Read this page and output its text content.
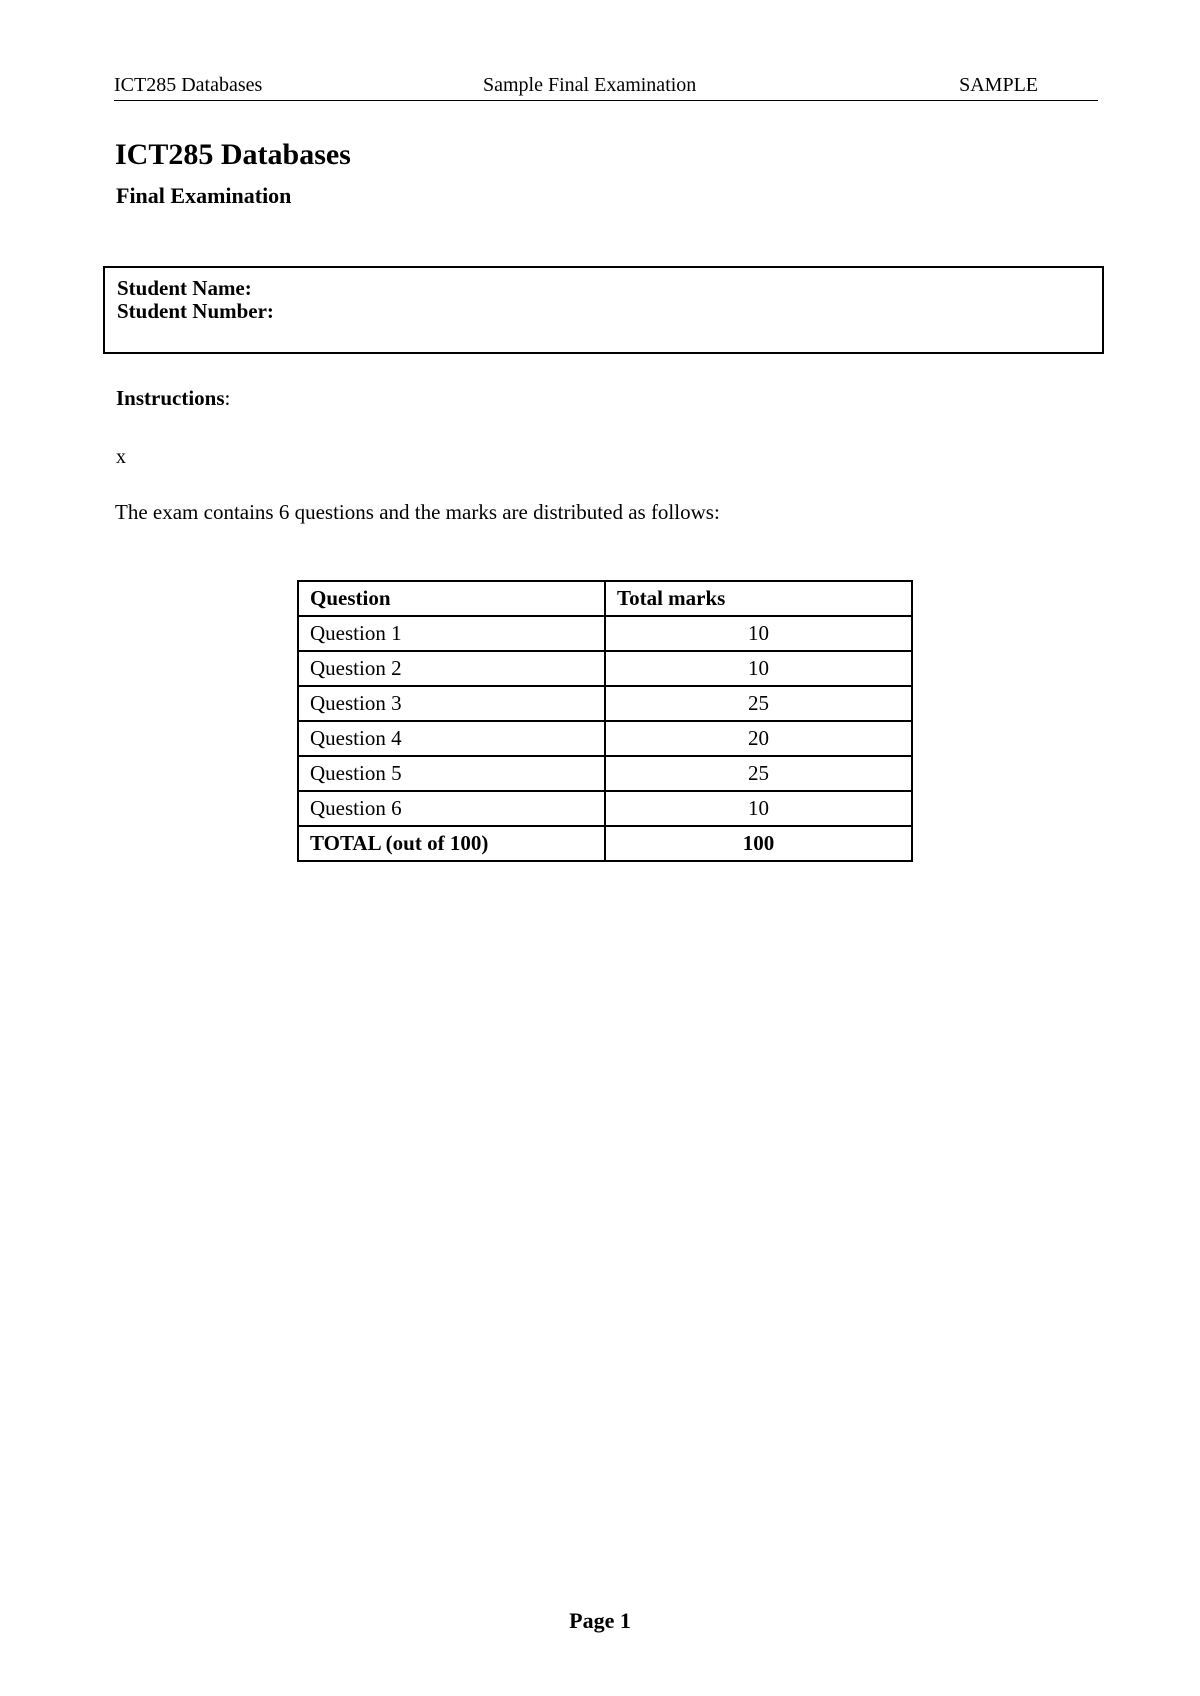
ICT285 Databases	Sample Final Examination	SAMPLE
ICT285 Databases
Final Examination
Student Name:
Student Number:
Instructions:
x
The exam contains 6 questions and the marks are distributed as follows:
Question	Total marks
Question 1	10
Question 2	10
Question 3	25
Question 4	20
Question 5	25
Question 6	10
TOTAL (out of 100)	100
Page 1
